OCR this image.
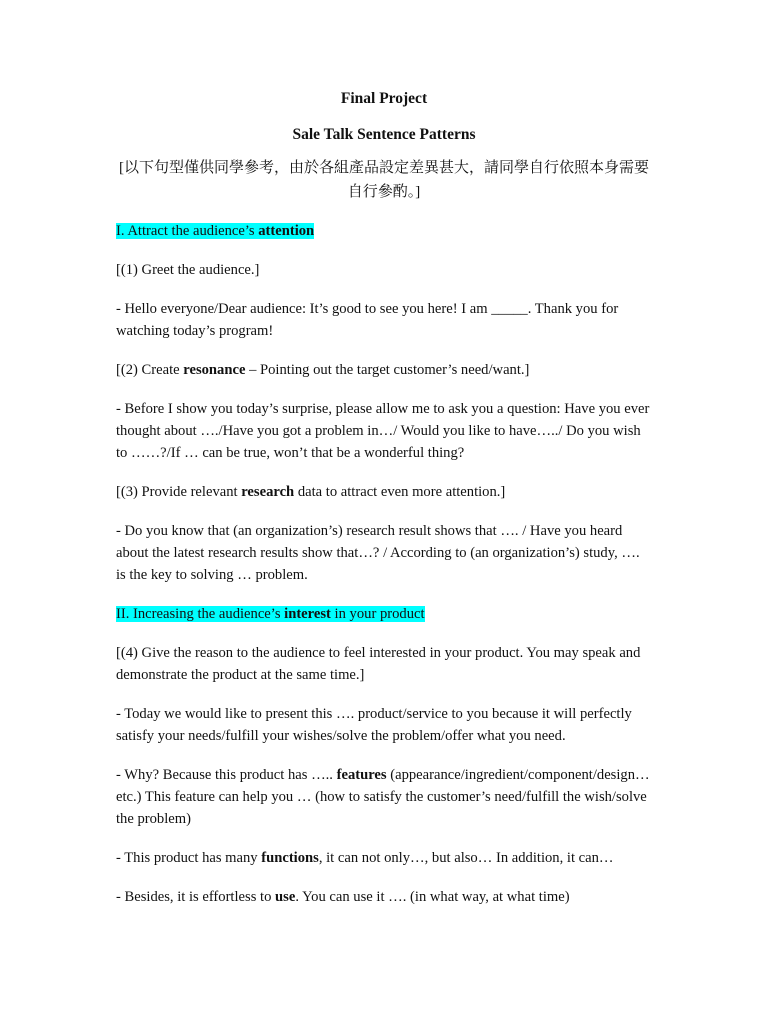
Final Project
Sale Talk Sentence Patterns
[以下句型僅供同學參考，由於各組產品設定差異甚大，請同學自行依照本身需要自行參酌。]

I. Attract the audience’s attention

[(1) Greet the audience.]

- Hello everyone/Dear audience: It’s good to see you here! I am _____. Thank you for watching today’s program!

[(2) Create resonance – Pointing out the target customer’s need/want.]

- Before I show you today’s surprise, please allow me to ask you a question: Have you ever thought about …./Have you got a problem in…/ Would you like to have…../ Do you wish to ……?/If … can be true, won’t that be a wonderful thing?

[(3) Provide relevant research data to attract even more attention.]

- Do you know that (an organization’s) research result shows that …. / Have you heard about the latest research results show that…? / According to (an organization’s) study, …. is the key to solving … problem.

II. Increasing the audience’s interest in your product

[(4) Give the reason to the audience to feel interested in your product. You may speak and demonstrate the product at the same time.]

- Today we would like to present this …. product/service to you because it will perfectly satisfy your needs/fulfill your wishes/solve the problem/offer what you need.

- Why? Because this product has ….. features (appearance/ingredient/component/design… etc.) This feature can help you … (how to satisfy the customer’s need/fulfill the wish/solve the problem)

- This product has many functions, it can not only…, but also… In addition, it can…

- Besides, it is effortless to use. You can use it …. (in what way, at what time)
